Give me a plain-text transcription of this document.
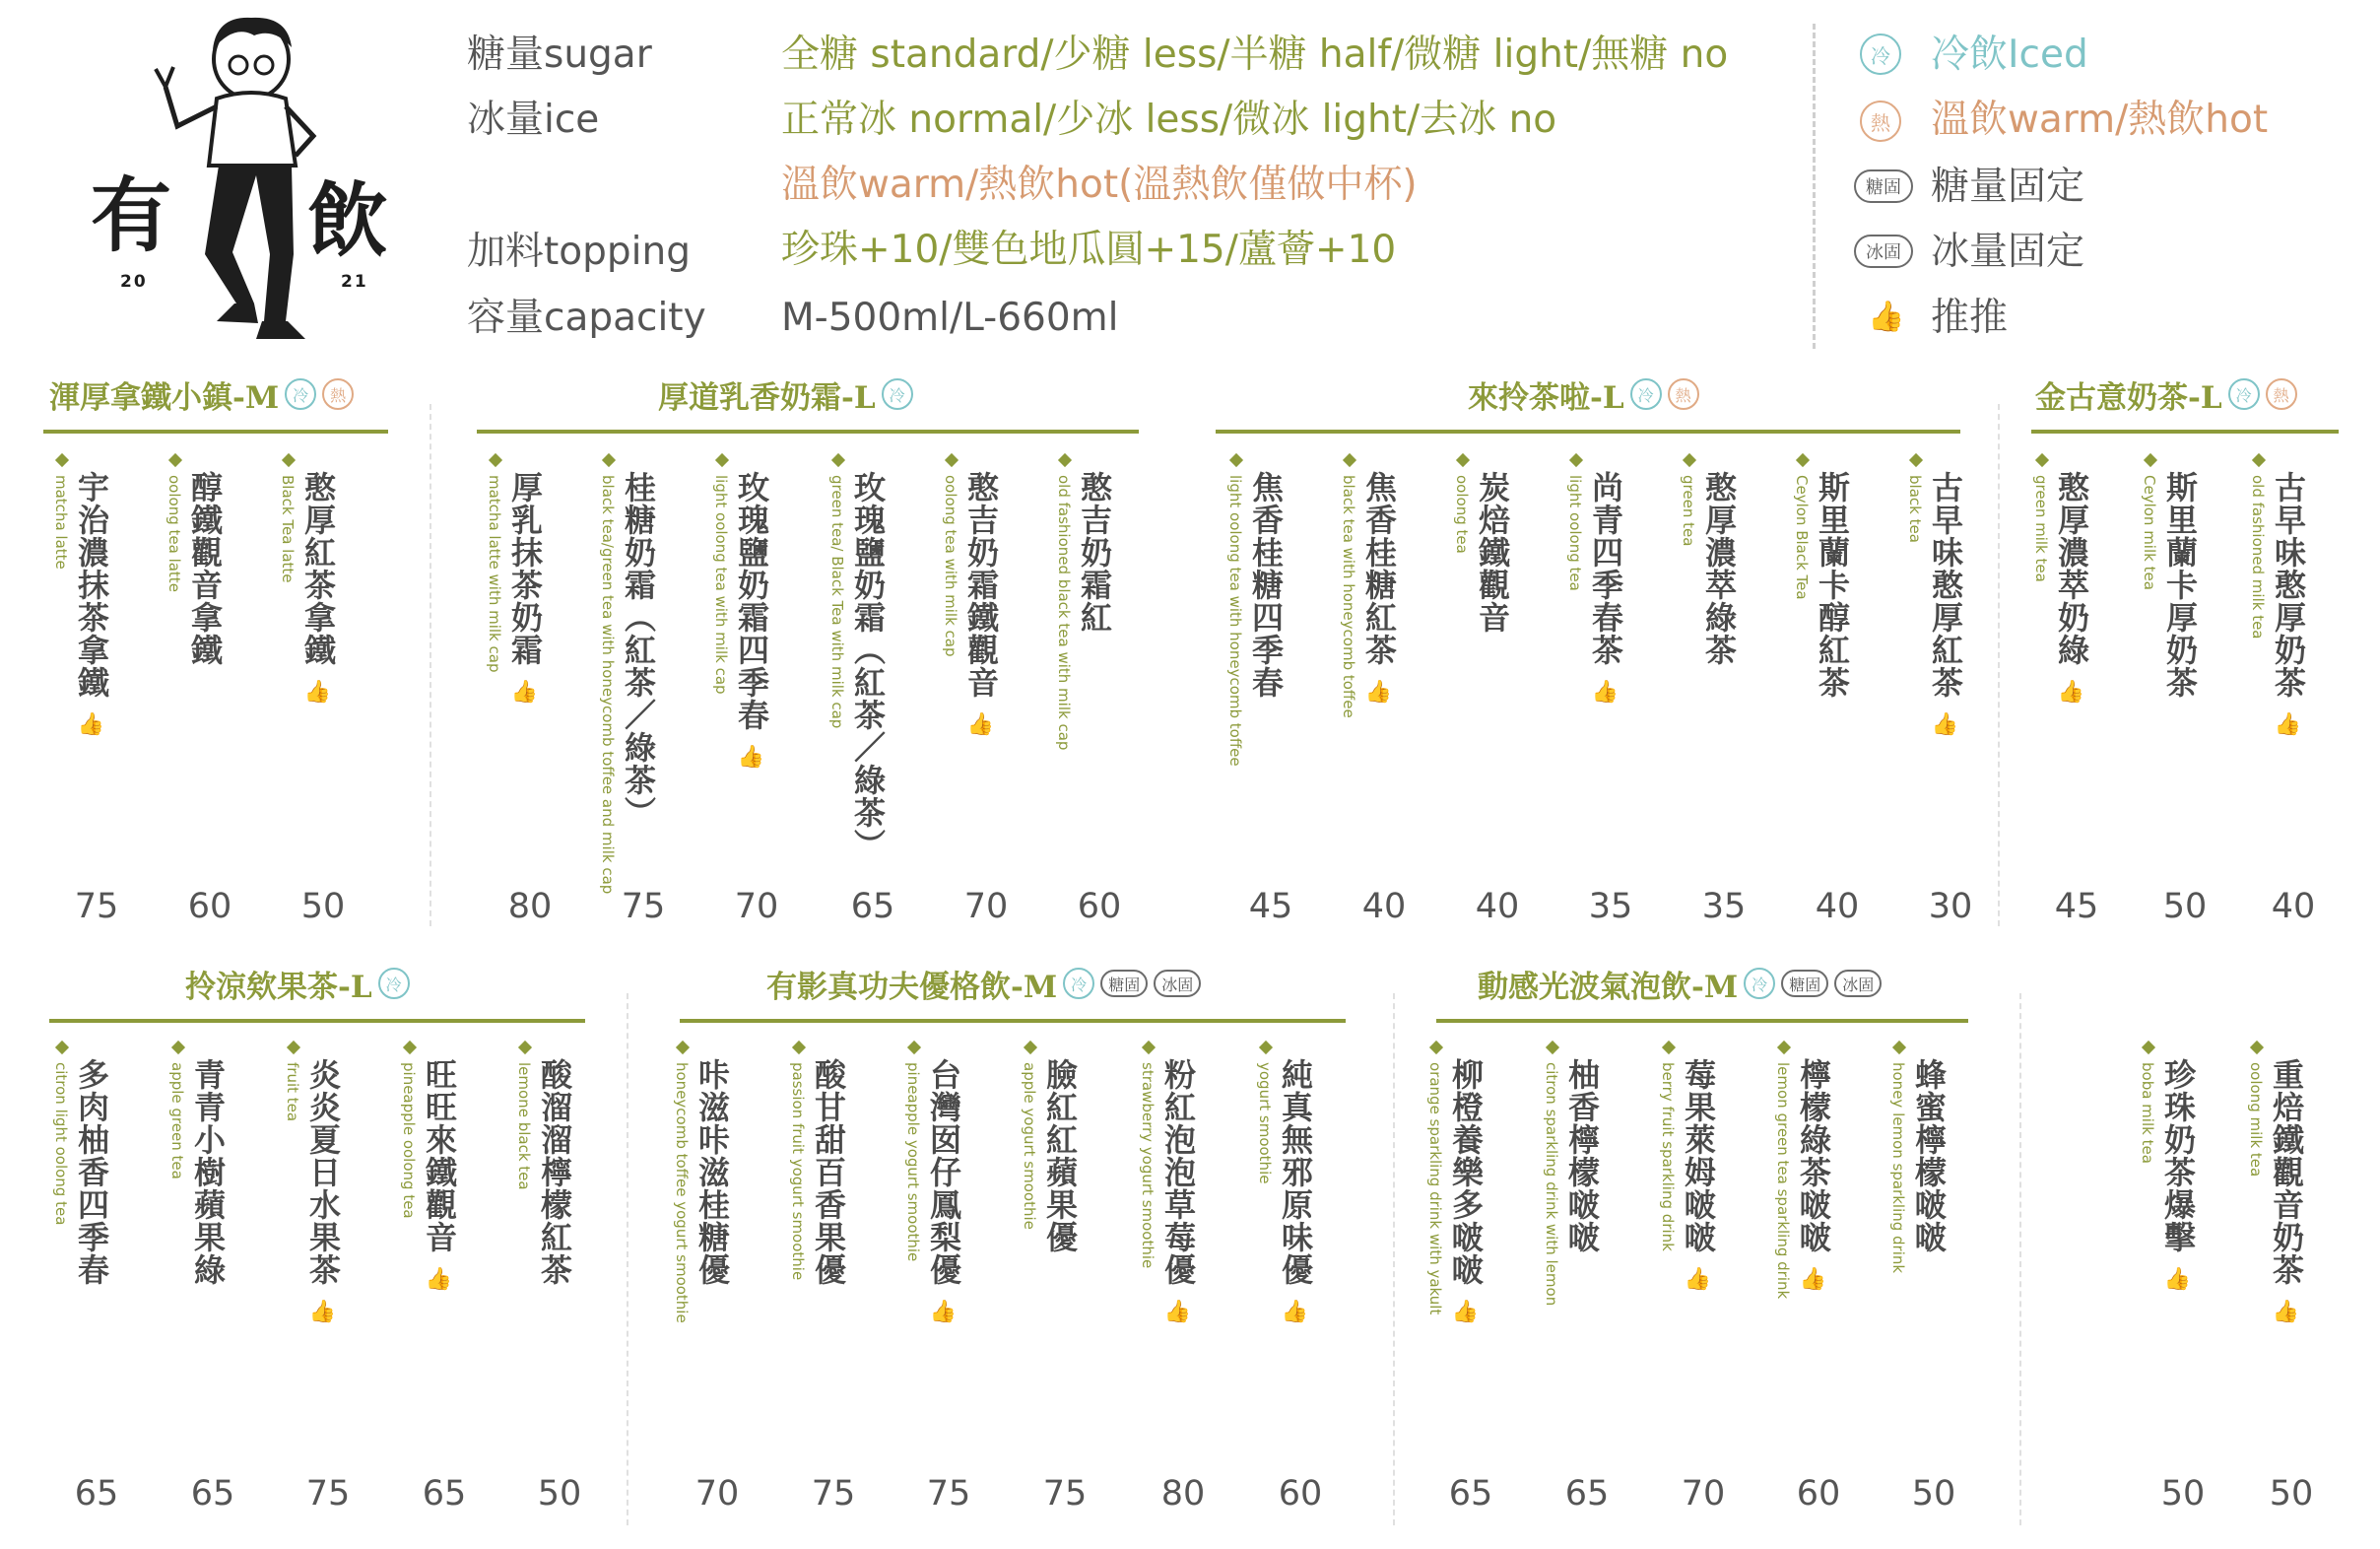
有 飲
20	21
糖量sugar	全糖 standard/少糖 less/半糖 half/微糖 light/無糖 no
冰量ice	正常冰 normal/少冰 less/微冰 light/去冰 no
溫飲warm/熱飲hot(溫熱飲僅做中杯)
加料topping 珍珠+10/雙色地瓜圓+15/蘆薈+10
容量capacity M-500ml/L-660ml
冷 冷飲Iced
熱 溫飲warm/熱飲hot
糖固 糖量固定
冰固 冰量固定
👍 推推
渾厚拿鐵小鎮-M 冷	熱	厚道乳香奶霜-L 冷	來拎茶啦-L 冷	熱	金古意奶茶-L 冷	熱
拎涼欸果茶-L 冷	有影真功夫優格飲-M 冷	糖固	冰固	動感光波氣泡飲-M 冷	糖固	冰固
matcha latte 宇治濃抹茶拿鐵👍
75
oolong tea latte 醇鐵觀音拿鐵
60
Black Tea latte 憨厚紅茶拿鐵👍
50
matcha latte with milk cap 厚乳抹茶奶霜👍
80
black tea/green tea with honeycomb toffee and milk cap 桂糖奶霜（紅茶／綠茶）
75
light oolong tea with milk cap 玫瑰鹽奶霜四季春👍
70
green tea/ Black Tea with milk cap 玫瑰鹽奶霜（紅茶／綠茶）
65
oolong tea with milk cap 憨吉奶霜鐵觀音👍
70
old fashioned black tea with milk cap 憨吉奶霜紅
60
light oolong tea with honeycomb toffee 焦香桂糖四季春
45
black tea with honeycomb toffee 焦香桂糖紅茶👍
40
oolong tea 炭焙鐵觀音
40
light oolong tea 尚青四季春茶👍
35
green tea 憨厚濃萃綠茶
35
Ceylon Black Tea 斯里蘭卡醇紅茶
40
black tea 古早味憨厚紅茶👍
30
green milk tea 憨厚濃萃奶綠👍
45
Ceylon milk tea 斯里蘭卡厚奶茶
50
old fashioned milk tea 古早味憨厚奶茶👍
40
citron light oolong tea 多肉柚香四季春
65
apple green tea 青青小樹蘋果綠
65
fruit tea 炎炎夏日水果茶👍
75
pineapple oolong tea 旺旺來鐵觀音👍
65
lemone black tea 酸溜溜檸檬紅茶
50
honeycomb toffee yogurt smoothie 咔滋咔滋桂糖優
70
passion fruit yogurt smoothie 酸甘甜百香果優
75
pineapple yogurt smoothie 台灣囡仔鳳梨優👍
75
apple yogurt smoothie 臉紅紅蘋果優
75
strawberry yogurt smoothie 粉紅泡泡草莓優👍
80
yogurt smoothie 純真無邪原味優👍
60
orange sparkling drink with yakult 柳橙養樂多啵啵👍
65
citron sparkling drink with lemon 柚香檸檬啵啵
65
berry fruit sparkling drink 莓果萊姆啵啵👍
70
lemon green tea sparkling drink 檸檬綠茶啵啵👍
60
honey lemon sparkling drink 蜂蜜檸檬啵啵
50
boba milk tea 珍珠奶茶爆擊👍
50
oolong milk tea 重焙鐵觀音奶茶👍
50
